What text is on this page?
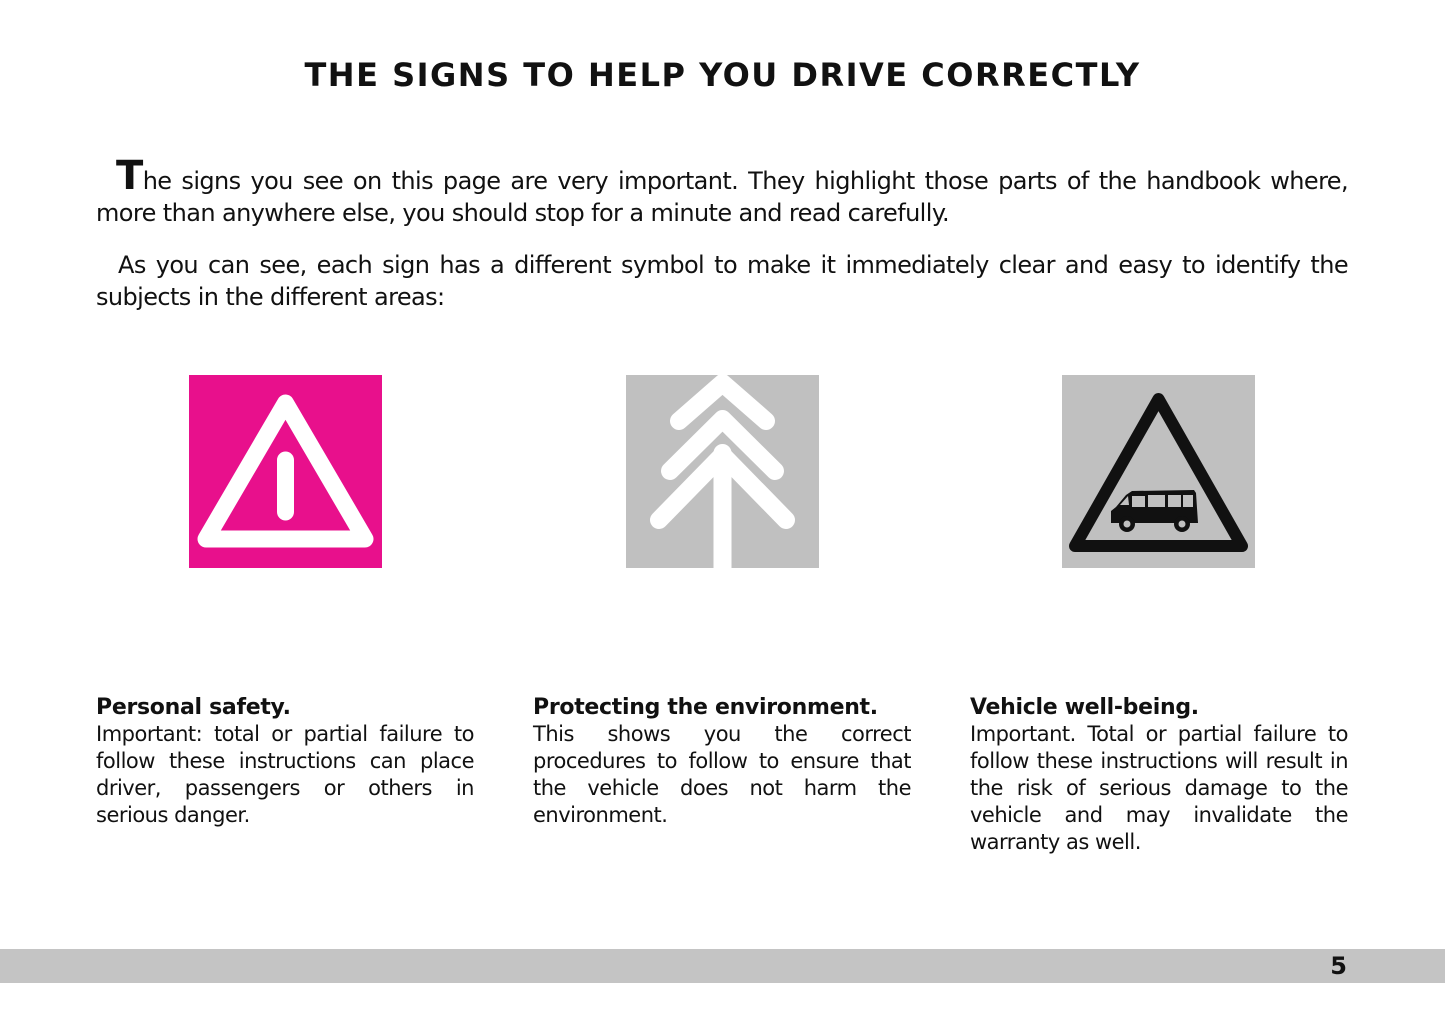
THE SIGNS TO HELP YOU DRIVE CORRECTLY

The signs you see on this page are very important. They highlight those parts of the handbook where, more than anywhere else, you should stop for a minute and read carefully.

As you can see, each sign has a different symbol to make it immediately clear and easy to identify the subjects in the different areas:

Personal safety.
Important: total or partial failure to follow these instructions can place driver, passengers or others in serious danger.
Protecting the environment.
This shows you the correct procedures to follow to ensure that the vehicle does not harm the environment.
Vehicle well-being.
Important. Total or partial failure to follow these instructions will result in the risk of serious damage to the vehicle and may invalidate the warranty as well.
5
